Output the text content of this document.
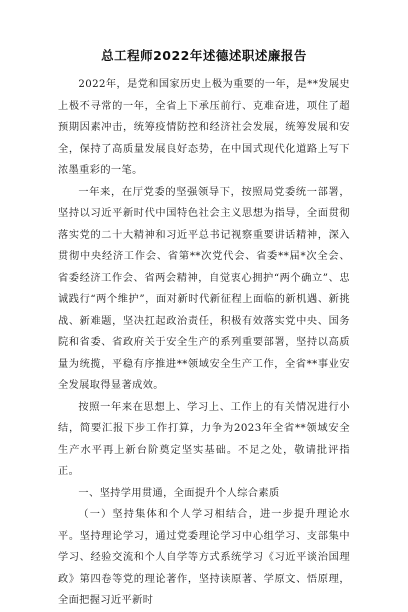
总工程师2022年述德述职述廉报告

2022年，是党和国家历史上极为重要的一年，是**发展史上极不寻常的一年，全省上下承压前行、克难奋进，项住了超预期因素冲击，统筹疫情防控和经济社会发展，统筹发展和安全，保持了高质量发展良好态势，在中国式现代化道路上写下浓墨重彩的一笔。

一年来，在厅党委的坚强领导下，按照局党委统一部署，坚持以习近平新时代中国特色社会主义思想为指导，全面贯彻落实党的二十大精神和习近平总书记视察重要讲话精神，深入贯彻中央经济工作会、省第**次党代会、省委**届*次全会、省委经济工作会、省两会精神，自觉衷心拥护“两个确立”、忠诚践行“两个维护”，面对新时代新征程上面临的新机遇、新挑战、新难题，坚决扛起政治责任，积极有效落实党中央、国务院和省委、省政府关于安全生产的系列重要部署，坚持以高质量为统揽，平稳有序推进**领域安全生产工作，全省**事业安全发展取得显著成效。

按照一年来在思想上、学习上、工作上的有关情况进行小结，简要汇报下步工作打算，力争为2023年全省**领域安全生产水平再上新台阶奠定坚实基础。不足之处，敬请批评指正。

一、坚持学用贯通，全面提升个人综合素质

（一）坚持集体和个人学习相结合，进一步提升理论水平。坚持理论学习，通过党委理论学习中心组学习、支部集中学习、经验交流和个人自学等方式系统学习《习近平谈治国理政》第四卷等党的理论著作，坚持读原著、学原文、悟原理，全面把握习近平新时
